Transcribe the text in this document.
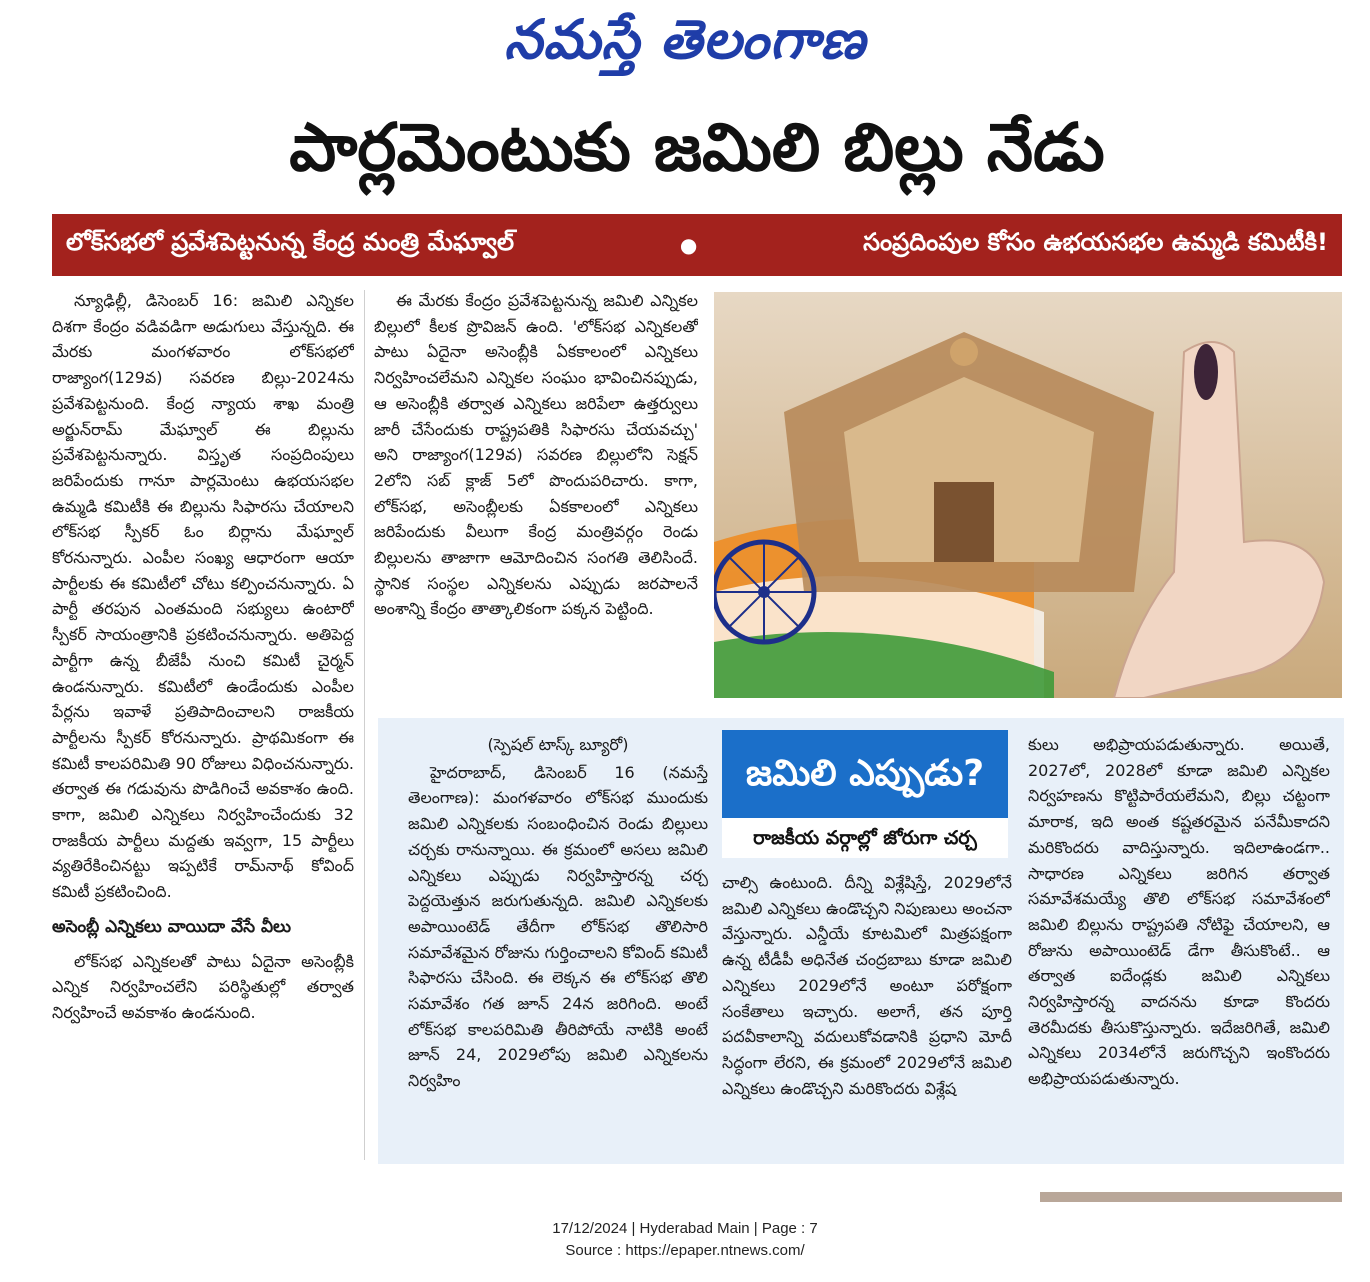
నమస్తే తెలంగాణ
పార్లమెంటుకు జమిలి బిల్లు నేడు
లోక్‌సభలో ప్రవేశపెట్టనున్న కేంద్ర మంత్రి మేఘ్వాల్	●	సంప్రదింపుల కోసం ఉభయసభల ఉమ్మడి కమిటీకి!

న్యూఢిల్లీ, డిసెంబర్ 16: జమిలి ఎన్నికల దిశగా కేంద్రం వడివడిగా అడుగులు వేస్తున్నది. ఈ మేరకు మంగళవారం లోక్‌సభలో రాజ్యాంగ(129వ) సవరణ బిల్లు-2024ను ప్రవేశపెట్టనుంది. కేంద్ర న్యాయ శాఖ మంత్రి అర్జున్‌రామ్ మేఘ్వాల్ ఈ బిల్లును ప్రవేశపెట్టనున్నారు. విస్తృత సంప్రదింపులు జరిపేందుకు గానూ పార్లమెంటు ఉభయసభల ఉమ్మడి కమిటీకి ఈ బిల్లును సిఫారసు చేయాలని లోక్‌సభ స్పీకర్ ఓం బిర్లాను మేఘ్వాల్ కోరనున్నారు. ఎంపీల సంఖ్య ఆధారంగా ఆయా పార్టీలకు ఈ కమిటీలో చోటు కల్పించనున్నారు. ఏ పార్టీ తరపున ఎంతమంది సభ్యులు ఉంటారో స్పీకర్ సాయంత్రానికి ప్రకటించనున్నారు. అతిపెద్ద పార్టీగా ఉన్న బీజేపీ నుంచి కమిటీ చైర్మన్ ఉండనున్నారు. కమిటీలో ఉండేందుకు ఎంపీల పేర్లను ఇవాళే ప్రతిపాదించాలని రాజకీయ పార్టీలను స్పీకర్ కోరనున్నారు. ప్రాథమికంగా ఈ కమిటీ కాలపరిమితి 90 రోజులు విధించనున్నారు. తర్వాత ఈ గడువును పొడిగించే అవకాశం ఉంది. కాగా, జమిలి ఎన్నికలు నిర్వహించేందుకు 32 రాజకీయ పార్టీలు మద్దతు ఇవ్వగా, 15 పార్టీలు వ్యతిరేకించినట్టు ఇప్పటికే రామ్‌నాథ్ కోవింద్ కమిటీ ప్రకటించింది.

అసెంబ్లీ ఎన్నికలు వాయిదా వేసే వీలు

లోక్‌సభ ఎన్నికలతో పాటు ఏదైనా అసెంబ్లీకి ఎన్నిక నిర్వహించలేని పరిస్థితుల్లో తర్వాత నిర్వహించే అవకాశం ఉండనుంది.

ఈ మేరకు కేంద్రం ప్రవేశపెట్టనున్న జమిలి ఎన్నికల బిల్లులో కీలక ప్రొవిజన్ ఉంది. 'లోక్‌సభ ఎన్నికలతో పాటు ఏదైనా అసెంబ్లీకి ఏకకాలంలో ఎన్నికలు నిర్వహించలేమని ఎన్నికల సంఘం భావించినప్పుడు, ఆ అసెంబ్లీకి తర్వాత ఎన్నికలు జరిపేలా ఉత్తర్వులు జారీ చేసేందుకు రాష్ట్రపతికి సిఫారసు చేయవచ్చు' అని రాజ్యాంగ(129వ) సవరణ బిల్లులోని సెక్షన్ 2లోని సబ్ క్లాజ్ 5లో పొందుపరిచారు. కాగా, లోక్‌సభ, అసెంబ్లీలకు ఏకకాలంలో ఎన్నికలు జరిపేందుకు వీలుగా కేంద్ర మంత్రివర్గం రెండు బిల్లులను తాజాగా ఆమోదించిన సంగతి తెలిసిందే. స్థానిక సంస్థల ఎన్నికలను ఎప్పుడు జరపాలనే అంశాన్ని కేంద్రం తాత్కాలికంగా పక్కన పెట్టింది.

(స్పెషల్ టాస్క్ బ్యూరో)

హైదరాబాద్, డిసెంబర్ 16 (నమస్తే తెలంగాణ): మంగళవారం లోక్‌సభ ముందుకు జమిలి ఎన్నికలకు సంబంధించిన రెండు బిల్లులు చర్చకు రానున్నాయి. ఈ క్రమంలో అసలు జమిలి ఎన్నికలు ఎప్పుడు నిర్వహిస్తారన్న చర్చ పెద్దయెత్తున జరుగుతున్నది. జమిలి ఎన్నికలకు అపాయింటెడ్ తేదీగా లోక్‌సభ తొలిసారి సమావేశమైన రోజును గుర్తించాలని కోవింద్ కమిటీ సిఫారసు చేసింది. ఈ లెక్కన ఈ లోక్‌సభ తొలి సమావేశం గత జూన్ 24న జరిగింది. అంటే లోక్‌సభ కాలపరిమితి తీరిపోయే నాటికి అంటే జూన్ 24, 2029లోపు జమిలి ఎన్నికలను నిర్వహిం

జమిలి ఎప్పుడు?
రాజకీయ వర్గాల్లో జోరుగా చర్చ

చాల్సి ఉంటుంది. దీన్ని విశ్లేషిస్తే, 2029లోనే జమిలి ఎన్నికలు ఉండొచ్చని నిపుణులు అంచనా వేస్తున్నారు. ఎన్డీయే కూటమిలో మిత్రపక్షంగా ఉన్న టీడీపీ అధినేత చంద్రబాబు కూడా జమిలి ఎన్నికలు 2029లోనే అంటూ పరోక్షంగా సంకేతాలు ఇచ్చారు. అలాగే, తన పూర్తి పదవీకాలాన్ని వదులుకోవడానికి ప్రధాని మోదీ సిద్ధంగా లేరని, ఈ క్రమంలో 2029లోనే జమిలి ఎన్నికలు ఉండొచ్చని మరికొందరు విశ్లేష

కులు అభిప్రాయపడుతున్నారు. అయితే, 2027లో, 2028లో కూడా జమిలి ఎన్నికల నిర్వహణను కొట్టిపారేయలేమని, బిల్లు చట్టంగా మారాక, ఇది అంత కష్టతరమైన పనేమీకాదని మరికొందరు వాదిస్తున్నారు. ఇదిలాఉండగా.. సాధారణ ఎన్నికలు జరిగిన తర్వాత సమావేశమయ్యే తొలి లోక్‌సభ సమావేశంలో జమిలి బిల్లును రాష్ట్రపతి నోటిఫై చేయాలని, ఆ రోజును అపాయింటెడ్ డేగా తీసుకొంటే.. ఆ తర్వాత ఐదేండ్లకు జమిలి ఎన్నికలు నిర్వహిస్తారన్న వాదనను కూడా కొందరు తెరమీదకు తీసుకొస్తున్నారు. ఇదేజరిగితే, జమిలి ఎన్నికలు 2034లోనే జరుగొచ్చని ఇంకొందరు అభిప్రాయపడుతున్నారు.

17/12/2024 | Hyderabad Main | Page : 7
Source : https://epaper.ntnews.com/
